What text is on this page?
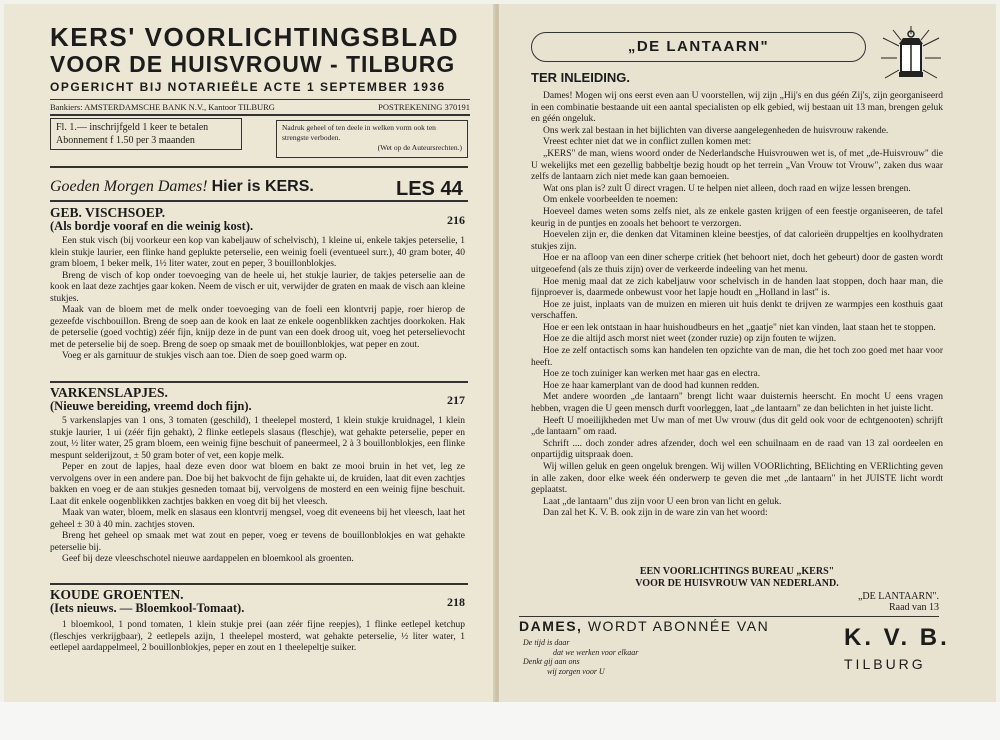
KERS' VOORLICHTINGSBLAD
VOOR DE HUISVROUW - TILBURG
OPGERICHT BIJ NOTARIEËLE ACTE 1 SEPTEMBER 1936
Bankiers: AMSTERDAMSCHE BANK N.V., Kantoor TILBURG	POSTREKENING 370191
Fl. 1.— inschrijfgeld 1 keer te betalen
Abonnement f 1.50 per 3 maanden
Nadruk geheel of ten deele in welken vorm ook ten strengste verboden.
(Wet op de Auteursrechten.)
Goeden Morgen Dames! Hier is KERS.	LES 44
GEB. VISCHSOEP.	216
(Als bordje vooraf en die weinig kost).

Een stuk visch (bij voorkeur een kop van kabeljauw of schelvisch), 1 kleine ui, enkele takjes peterselie, 1 klein stukje laurier, een flinke hand geplukte peterselie, een weinig foeli (eventueel surr.), 40 gram boter, 40 gram bloem, 1 beker melk, 1½ liter water, zout en peper, 3 bouillonblokjes.

Breng de visch of kop onder toevoeging van de heele ui, het stukje laurier, de takjes peterselie aan de kook en laat deze zachtjes gaar koken. Neem de visch er uit, verwijder de graten en maak de visch aan kleine stukjes.

Maak van de bloem met de melk onder toevoeging van de foeli een klontvrij papje, roer hierop de gezeefde vischbouillon. Breng de soep aan de kook en laat ze enkele oogenblikken zachtjes doorkoken. Hak de peterselie (goed vochtig) zéér fijn, knijp deze in de punt van een doek droog uit, voeg het peterselievocht met de peterselie bij de soep. Breng de soep op smaak met de bouillonblokjes, wat peper en zout.

Voeg er als garnituur de stukjes visch aan toe. Dien de soep goed warm op.

VARKENSLAPJES.	217
(Nieuwe bereiding, vreemd doch fijn).

5 varkenslapjes van 1 ons, 3 tomaten (geschild), 1 theelepel mosterd, 1 klein stukje kruidnagel, 1 klein stukje laurier, 1 ui (zéér fijn gehakt), 2 flinke eetlepels slasaus (fleschje), wat gehakte peterselie, peper en zout, ½ liter water, 25 gram bloem, een weinig fijne beschuit of paneermeel, 2 à 3 bouillonblokjes, een flinke mespunt selderijzout, ± 50 gram boter of vet, een kopje melk.

Peper en zout de lapjes, haal deze even door wat bloem en bakt ze mooi bruin in het vet, leg ze vervolgens over in een andere pan. Doe bij het bakvocht de fijn gehakte ui, de kruiden, laat dit even zachtjes bakken en voeg er de aan stukjes gesneden tomaat bij, vervolgens de mosterd en een weinig fijne beschuit. Laat dit enkele oogenblikken zachtjes bakken en voeg dit bij het vleesch.

Maak van water, bloem, melk en slasaus een klontvrij mengsel, voeg dit eveneens bij het vleesch, laat het geheel ± 30 à 40 min. zachtjes stoven.

Breng het geheel op smaak met wat zout en peper, voeg er tevens de bouillonblokjes en wat gehakte peterselie bij.

Geef bij deze vleeschschotel nieuwe aardappelen en bloemkool als groenten.

KOUDE GROENTEN.	218
(Iets nieuws. — Bloemkool-Tomaat).

1 bloemkool, 1 pond tomaten, 1 klein stukje prei (aan zéér fijne reepjes), 1 flinke eetlepel ketchup (fleschjes verkrijgbaar), 2 eetlepels azijn, 1 theelepel mosterd, wat gehakte peterselie, ½ liter water, 1 eetlepel aardappelmeel, 2 bouillonblokjes, peper en zout en 1 theelepeltje suiker.

„DE LANTAARN"
TER INLEIDING.

Dames! Mogen wij ons eerst even aan U voorstellen, wij zijn „Hij's en dus géén Zij's, zijn georganiseerd in een combinatie bestaande uit een aantal specialisten op elk gebied, wij bestaan uit 13 man, brengen geluk en géén ongeluk.

Ons werk zal bestaan in het bijlichten van diverse aangelegenheden de huisvrouw rakende.

Vreest echter niet dat we in conflict zullen komen met:

„KERS" de man, wiens woord onder de Nederlandsche Huisvrouwen wet is, of met „de-Huisvrouw" die U wekelijks met een gezellig babbeltje bezig houdt op het terrein „Van Vrouw tot Vrouw", zaken dus waar zelfs de lantaarn zich niet mede kan gaan bemoeien.

Wat ons plan is? zult Ū direct vragen. U te helpen niet alleen, doch raad en wijze lessen brengen.

Om enkele voorbeelden te noemen:

Hoeveel dames weten soms zelfs niet, als ze enkele gasten krijgen of een feestje organiseeren, de tafel keurig in de puntjes en zooals het behoort te verzorgen.

Hoevelen zijn er, die denken dat Vitaminen kleine beestjes, of dat calorieën druppeltjes en koolhydraten stukjes zijn.

Hoe er na afloop van een diner scherpe critiek (het behoort niet, doch het gebeurt) door de gasten wordt uitgeoefend (als ze thuis zijn) over de verkeerde indeeling van het menu.

Hoe menig maal dat ze zich kabeljauw voor schelvisch in de handen laat stoppen, doch haar man, die fijnproever is, daarmede onbewust voor het lapje houdt en „Holland in last" is.

Hoe ze juist, inplaats van de muizen en mieren uit huis denkt te drijven ze warmpjes een kosthuis gaat verschaffen.

Hoe er een lek ontstaan in haar huishoudbeurs en het „gaatje" niet kan vinden, laat staan het te stoppen.

Hoe ze die altijd asch morst niet weet (zonder ruzie) op zijn fouten te wijzen.

Hoe ze zelf ontactisch soms kan handelen ten opzichte van de man, die het toch zoo goed met haar voor heeft.

Hoe ze toch zuiniger kan werken met haar gas en electra.

Hoe ze haar kamerplant van de dood had kunnen redden.

Met andere woorden „de lantaarn" brengt licht waar duisternis heerscht. En mocht U eens vragen hebben, vragen die U geen mensch durft voorleggen, laat „de lantaarn" ze dan belichten in het juiste licht.

Heeft U moeilijkheden met Uw man of met Uw vrouw (dus dit geld ook voor de echtgenooten) schrijft „de lantaarn" om raad.

Schrift .... doch zonder adres afzender, doch wel een schuilnaam en de raad van 13 zal oordeelen en onpartijdig uitspraak doen.

Wij willen geluk en geen ongeluk brengen. Wij willen VOORlichting, BElichting en VERlichting geven in alle zaken, door elke week één onderwerp te geven die met „de lantaarn" in het JUISTE licht wordt geplaatst.

Laat „de lantaarn" dus zijn voor U een bron van licht en geluk.

Dan zal het K. V. B. ook zijn in de ware zin van het woord:

EEN VOORLICHTINGS BUREAU „KERS"
VOOR DE HUISVROUW VAN NEDERLAND.
„DE LANTAARN".
Raad van 13
DAMES, WORDT ABONNÉE VAN
De tijd is daar
dat we werken voor elkaar
Denkt gij aan ons
wij zorgen voor U
K. V. B.
TILBURG
